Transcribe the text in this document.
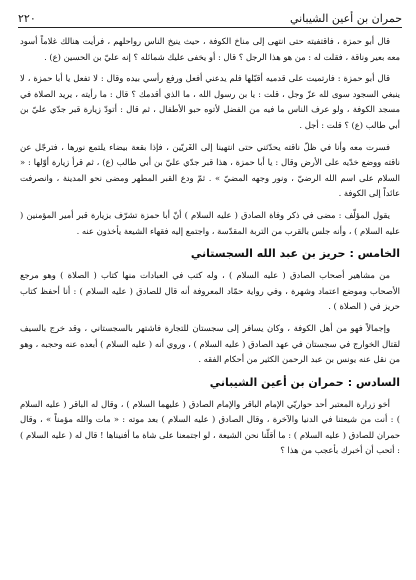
حمران بن أعين الشيباني
٢٢٠

قال أبو حمزة ، فاقتفيته حتى انتهى إلى مناخ الكوفة ، حيث ينيخ الناس رواحلهم ، فرأيت هنالك غلاماً أسود معه بعير وناقة ، فقلت له : من هو هذا الرجل ؟ قال : أو يخفى عليك شمائله ؟ إنه عليّ بن الحسين (ع) .

قال أبو حمزة : فارتميت على قدميه أقبّلها فلم يدعني أفعل ورفع رأسي بيده وقال : لا تفعل يا أبا حمزة ، لا ينبغي السجود سوى لله عزّ وجل ، قلت : يا بن رسول الله ، ما الذي أقدمك ؟ قال : ما رأيته ، يريد الصلاة في مسجد الكوفة ، ولو عرف الناس ما فيه من الفضل لأتوه حبو الأطفال ، ثم قال : أتودّ زيارة قبر جدّي عليّ بن أبي طالب (ع) ؟ قلت : أجل .

فسرت معه وأنا في ظلّ ناقته يحدّثني حتى انتهينا إلى الغَريّين ، فإذا بقعة بيضاء يلتمع نورها ، فترجّل عن ناقته ووضع خدّيه على الأرض وقال : يا أبا حمزة ، هذا قبر جدّي عليّ بن أبي طالب (ع) ، ثم قرأ زيارة أوّلها : « السلام على اسم الله الرضيّ ، ونور وجهه المضيّ » . ثمّ ودع القبر المطهر ومضى نحو المدينة ، وانصرفت عائداً إلى الكوفة .

يقول المؤلّف : مضى في ذكر وفاة الصادق ( عليه السلام ) أنّ أبا حمزة تشرّف بزيارة قبر أمير المؤمنين ( عليه السلام ) ، وأنه جلس بالقرب من التربة المقدّسة ، واجتمع إليه فقهاء الشيعة يأخذون عنه .

الخامس :
حريز بن عبد الله السجستاني

من مشاهير أصحاب الصادق ( عليه السلام ) ، وله كتب في العبادات منها كتاب ( الصلاة ) وهو مرجع الأصحاب وموضع اعتماد وشهرة ، وفي رواية حمّاد المعروفة أنه قال للصادق ( عليه السلام ) : أنا أحفظ كتاب حريز في ( الصلاة ) .

وإجمالاً فهو من أهل الكوفة ، وكان يسافر إلى سجستان للتجارة فاشتهر بالسجستاني ، وقد خرج بالسيف لقتال الخوارج في سجستان في عهد الصادق ( عليه السلام ) ، وروي أنه ( عليه السلام ) أبعده عنه وحجبه ، وهو من نقل عنه يونس بن عبد الرحمن الكثير من أحكام الفقه .

السادس :
حمران بن أعين الشيباني

أخو زرارة المعتبر أحد حواريّي الإمام الباقر والإمام الصادق ( عليهما السلام ) ، وقال له الباقر ( عليه السلام ) : أنت من شيعتنا في الدنيا والآخرة ، وقال الصادق ( عليه السلام ) بعد موته : « مات والله مؤمناً » ، وقال حمران للصادق ( عليه السلام ) : ما أقلّنا نحن الشيعة ، لو اجتمعنا على شاة ما أفنيناها ! قال له ( عليه السلام ) : أتحب أن أخبرك بأعجب من هذا ؟
